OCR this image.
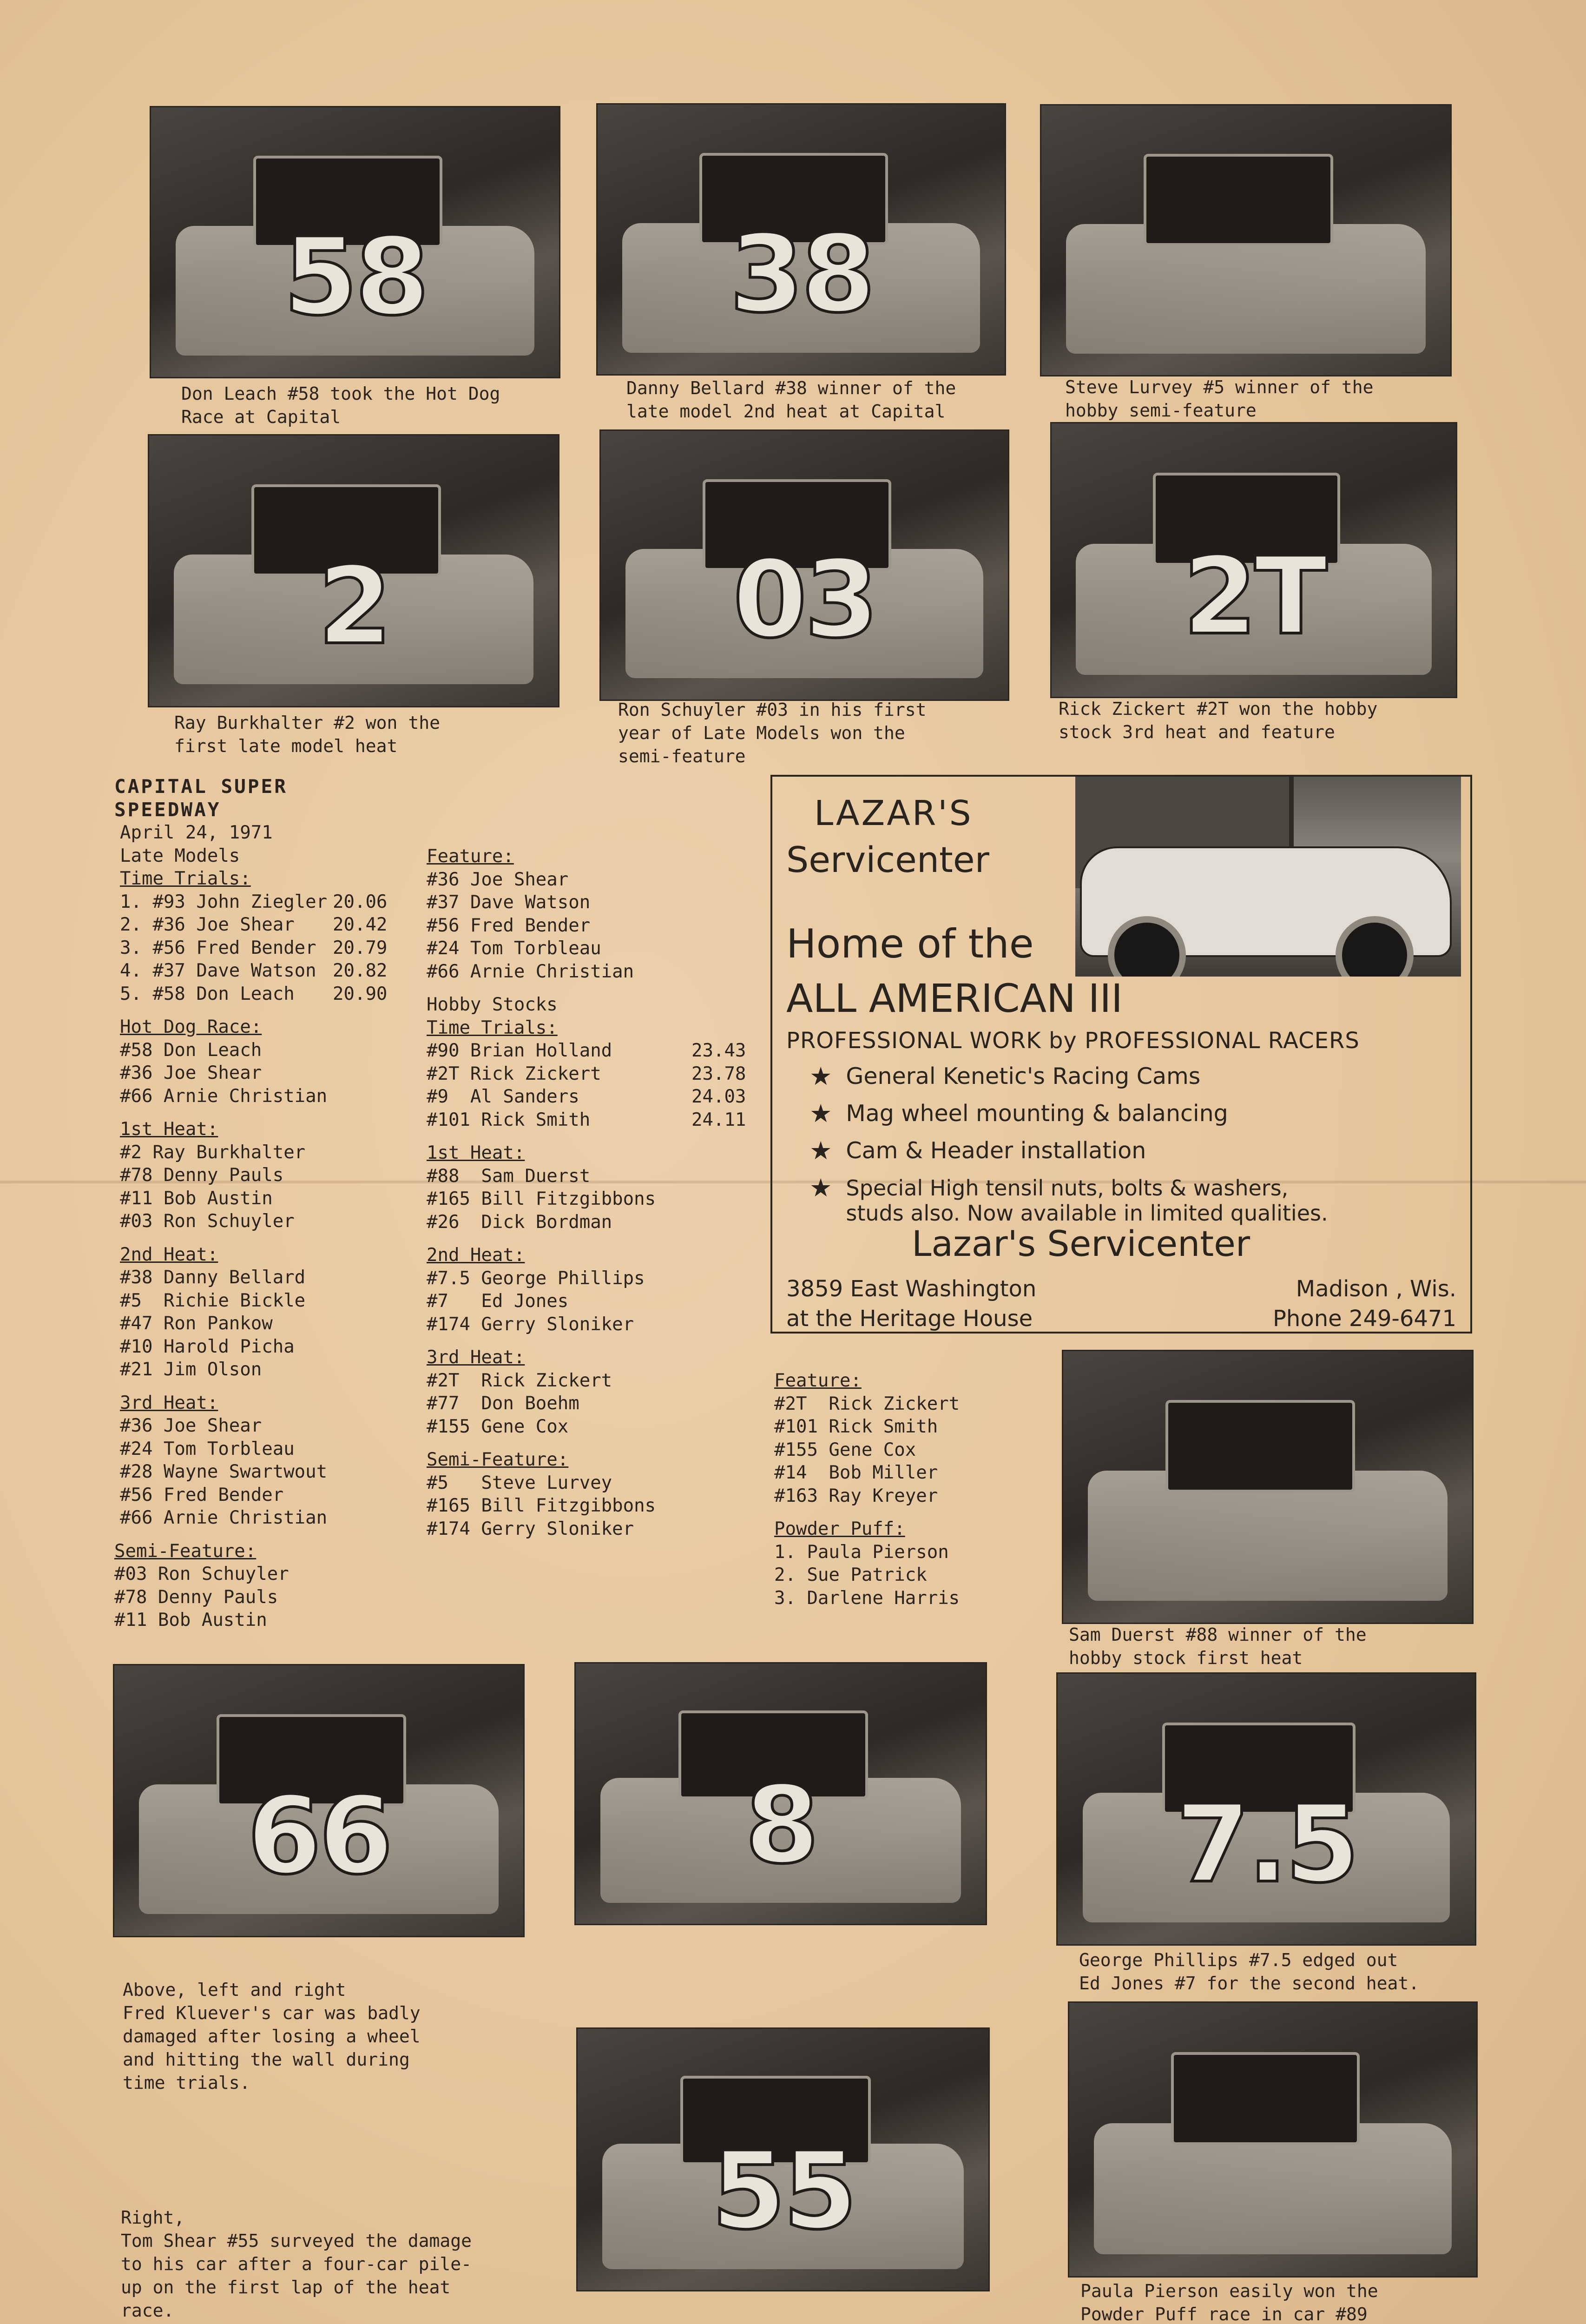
58
Don Leach #58 took the Hot Dog
Race at Capital
38
Danny Bellard #38 winner of the
late model 2nd heat at Capital
Steve Lurvey #5 winner of the
hobby semi-feature
2
Ray Burkhalter #2 won the
first late model heat
03
Ron Schuyler #03 in his first
year of Late Models won the
semi-feature
2T
Rick Zickert #2T won the hobby
stock 3rd heat and feature
CAPITAL SUPER SPEEDWAY
April 24, 1971
Late Models
Time Trials:
1. #93 John Ziegler 20.06
2. #36 Joe Shear	20.42
3. #56 Fred Bender 20.79
4. #37 Dave Watson 20.82
5. #58 Don Leach	20.90
Hot Dog Race:
#58 Don Leach
#36 Joe Shear
#66 Arnie Christian
1st Heat:
#2 Ray Burkhalter
#78 Denny Pauls
#11 Bob Austin
#03 Ron Schuyler
2nd Heat:
#38 Danny Bellard
#5  Richie Bickle
#47 Ron Pankow
#10 Harold Picha
#21 Jim Olson
3rd Heat:
#36 Joe Shear
#24 Tom Torbleau
#28 Wayne Swartwout
#56 Fred Bender
#66 Arnie Christian
Semi-Feature:
#03 Ron Schuyler
#78 Denny Pauls
#11 Bob Austin
Feature:
#36 Joe Shear
#37 Dave Watson
#56 Fred Bender
#24 Tom Torbleau
#66 Arnie Christian
Hobby Stocks
Time Trials:
#90 Brian Holland	23.43
#2T Rick Zickert	23.78
#9  Al Sanders	24.03
#101 Rick Smith	24.11
1st Heat:
#88  Sam Duerst
#165 Bill Fitzgibbons
#26  Dick Bordman
2nd Heat:
#7.5 George Phillips
#7   Ed Jones
#174 Gerry Sloniker
3rd Heat:
#2T  Rick Zickert
#77  Don Boehm
#155 Gene Cox
Semi-Feature:
#5   Steve Lurvey
#165 Bill Fitzgibbons
#174 Gerry Sloniker
Feature:
#2T  Rick Zickert
#101 Rick Smith
#155 Gene Cox
#14  Bob Miller
#163 Ray Kreyer
Powder Puff:
1. Paula Pierson
2. Sue Patrick
3. Darlene Harris
LAZAR'S
Servicenter
Home of the
ALL AMERICAN III
PROFESSIONAL WORK by PROFESSIONAL RACERS
★ General Kenetic's Racing Cams
★ Mag wheel mounting & balancing
★ Cam & Header installation
★ Special High tensil nuts, bolts & washers,
studs also. Now available in limited qualities.
Lazar's Servicenter
3859 East Washington
at the Heritage House
Madison , Wis.
Phone 249-6471
Sam Duerst #88 winner of the
hobby stock first heat
66	8	7.5
George Phillips #7.5 edged out
Ed Jones #7 for the second heat.
Above, left and right
Fred Kluever's car was badly
damaged after losing a wheel
and hitting the wall during
time trials.
55
Paula Pierson easily won the
Powder Puff race in car #89
Right,
Tom Shear #55 surveyed the damage
to his car after a four-car pile-
up on the first lap of the heat
race.
